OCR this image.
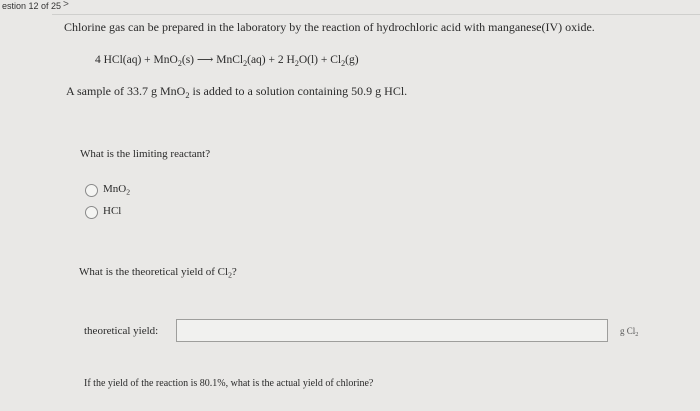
estion 12 of 25 >
Chlorine gas can be prepared in the laboratory by the reaction of hydrochloric acid with manganese(IV) oxide.
4 HCl(aq) + MnO$_2$(s) ⟶ MnCl$_2$(aq) + 2 $H_2O(l) + Cl_2(g)$
A sample of 33.7 g MnO$_2$ is added to a solution containing 50.9 g HCl.
What is the limiting reactant?
MnO$_2$
HCl
What is the theoretical yield of $Cl_2$?
theoretical yield:	g $Cl_2$
If the yield of the reaction is 80.1%, what is the actual yield of chlorine?
